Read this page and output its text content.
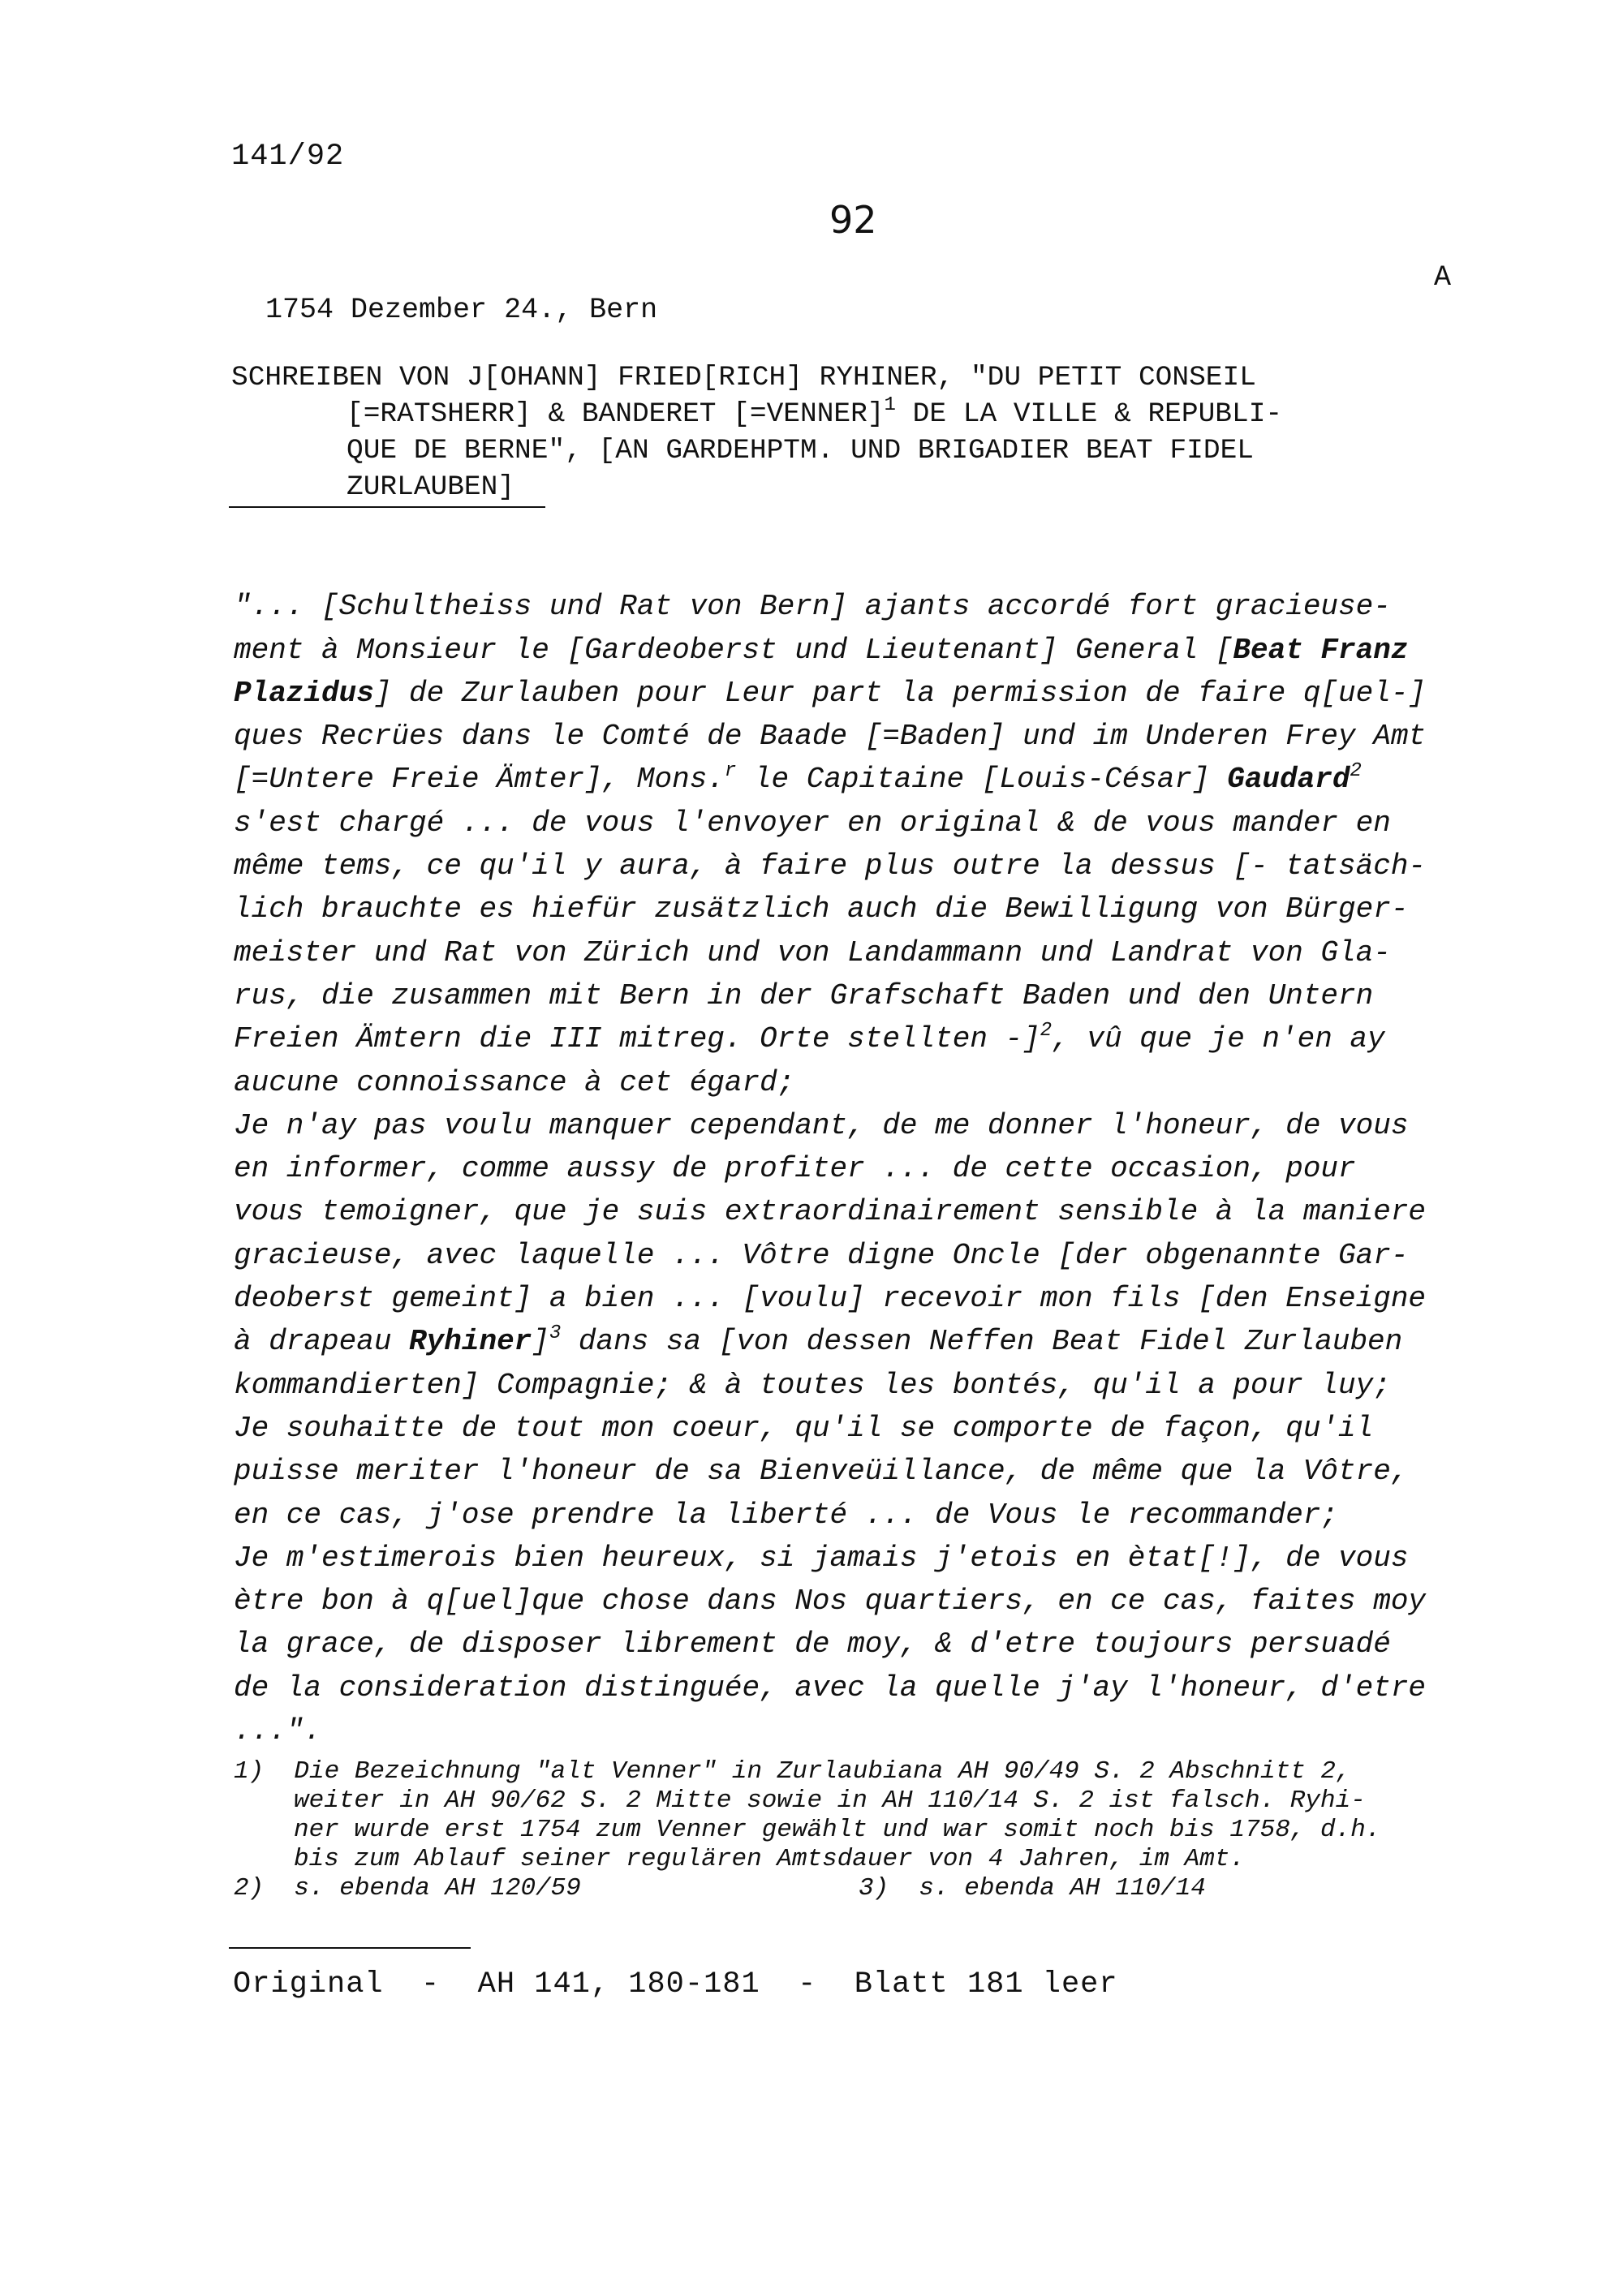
141/92
92

1754 Dezember 24., Bern

A

SCHREIBEN VON J[OHANN] FRIED[RICH] RYHINER, "DU PETIT CONSEIL

[=RATSHERR] & BANDERET [=VENNER]$^1$ DE LA VILLE & REPUBLI-
QUE DE BERNE", [AN GARDEHPTM. UND BRIGADIER BEAT FIDEL
ZURLAUBEN]

"... [Schultheiss und Rat von Bern] ajants accordé fort gracieuse-
ment à Monsieur le [Gardeoberst und Lieutenant] General [Beat Franz
Plazidus] de Zurlauben pour Leur part la permission de faire q[uel-]
ques Recrües dans le Comté de Baade [=Baden] und im Underen Frey Amt
[=Untere Freie Ämter], Mons.$^r$ le Capitaine [Louis-César] Gaudard$^2$
s'est chargé ... de vous l'envoyer en original & de vous mander en
même tems, ce qu'il y aura, à faire plus outre la dessus [- tatsäch-
lich brauchte es hiefür zusätzlich auch die Bewilligung von Bürger-
meister und Rat von Zürich und von Landammann und Landrat von Gla-
rus, die zusammen mit Bern in der Grafschaft Baden und den Untern
Freien Ämtern die III mitreg. Orte stellten -]$^2$, vû que je n'en ay
aucune connoissance à cet égard;
Je n'ay pas voulu manquer cependant, de me donner l'honeur, de vous
en informer, comme aussy de profiter ... de cette occasion, pour
vous temoigner, que je suis extraordinairement sensible à la maniere
gracieuse, avec laquelle ... Vôtre digne Oncle [der obgenannte Gar-
deoberst gemeint] a bien ... [voulu] recevoir mon fils [den Enseigne
à drapeau Ryhiner]$^3$ dans sa [von dessen Neffen Beat Fidel Zurlauben
kommandierten] Compagnie; & à toutes les bontés, qu'il a pour luy;
Je souhaitte de tout mon coeur, qu'il se comporte de façon, qu'il
puisse meriter l'honeur de sa Bienveüillance, de même que la Vôtre,
en ce cas, j'ose prendre la liberté ... de Vous le recommander;
Je m'estimerois bien heureux, si jamais j'etois en ètat[!], de vous
ètre bon à q[uel]que chose dans Nos quartiers, en ce cas, faites moy
la grace, de disposer librement de moy, & d'etre toujours persuadé
de la consideration distinguée, avec la quelle j'ay l'honeur, d'etre
...".
1)  Die Bezeichnung "alt Venner" in Zurlaubiana AH 90/49 S. 2 Abschnitt 2,

weiter in AH 90/62 S. 2 Mitte sowie in AH 110/14 S. 2 ist falsch. Ryhi-
ner wurde erst 1754 zum Venner gewählt und war somit noch bis 1758, d.h.
bis zum Ablauf seiner regulären Amtsdauer von 4 Jahren, im Amt.
2)  s. ebenda AH 120/59	3)  s. ebenda AH 110/14
Original  -  AH 141, 180-181  -  Blatt 181 leer
